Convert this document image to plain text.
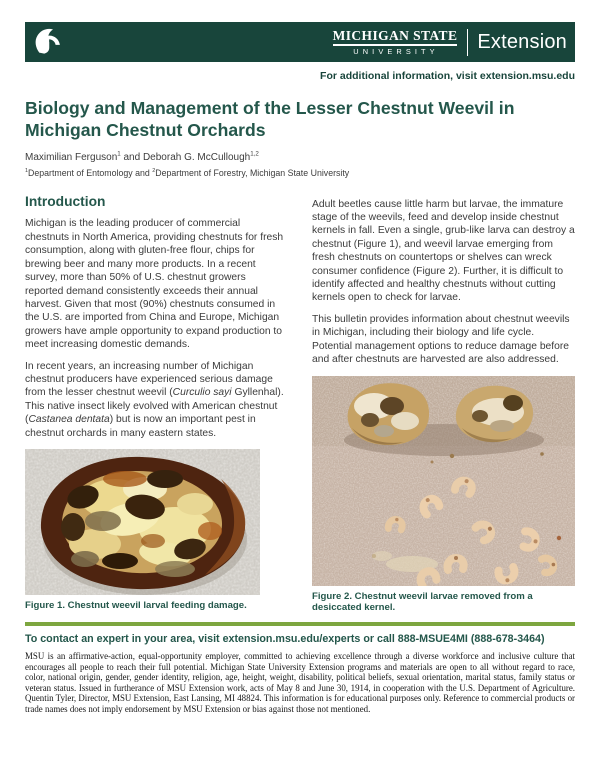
MICHIGAN STATE
UNIVERSITY	Extension
For additional information, visit extension.msu.edu
Biology and Management of the Lesser Chestnut Weevil in Michigan Chestnut Orchards
Maximilian Ferguson$^1$ and Deborah G. McCullough$^{1,2}$
$^1$Department of Entomology and $^2$Department of Forestry, Michigan State University
Introduction

Michigan is the leading producer of commercial chestnuts in North America, providing chestnuts for fresh consumption, along with gluten-free flour, chips for brewing beer and many more products. In a recent survey, more than 50% of U.S. chestnut growers reported demand consistently exceeds their annual harvest. Given that most (90%) chestnuts consumed in the U.S. are imported from China and Europe, Michigan growers have ample opportunity to expand production to meet increasing domestic demands.

In recent years, an increasing number of Michigan chestnut producers have experienced serious damage from the lesser chestnut weevil (Curculio sayi Gyllenhal). This native insect likely evolved with American chestnut (Castanea dentata) but is now an important pest in chestnut orchards in many eastern states.

Figure 1. Chestnut weevil larval feeding damage.

Adult beetles cause little harm but larvae, the immature stage of the weevils, feed and develop inside chestnut kernels in fall. Even a single, grub-like larva can destroy a chestnut (Figure 1), and weevil larvae emerging from fresh chestnuts on countertops or shelves can wreck consumer confidence (Figure 2). Further, it is difficult to identify affected and healthy chestnuts without cutting kernels open to check for larvae.

This bulletin provides information about chestnut weevils in Michigan, including their biology and life cycle. Potential management options to reduce damage before and after chestnuts are harvested are also addressed.

Figure 2. Chestnut weevil larvae removed from a desiccated kernel.
To contact an expert in your area, visit extension.msu.edu/experts or call 888-MSUE4MI (888-678-3464)

MSU is an affirmative-action, equal-opportunity employer, committed to achieving excellence through a diverse workforce and inclusive culture that encourages all people to reach their full potential. Michigan State University Extension programs and materials are open to all without regard to race, color, national origin, gender, gender identity, religion, age, height, weight, disability, political beliefs, sexual orientation, marital status, family status or veteran status. Issued in furtherance of MSU Extension work, acts of May 8 and June 30, 1914, in cooperation with the U.S. Department of Agriculture. Quentin Tyler, Director, MSU Extension, East Lansing, MI 48824. This information is for educational purposes only. Reference to commercial products or trade names does not imply endorsement by MSU Extension or bias against those not mentioned.
